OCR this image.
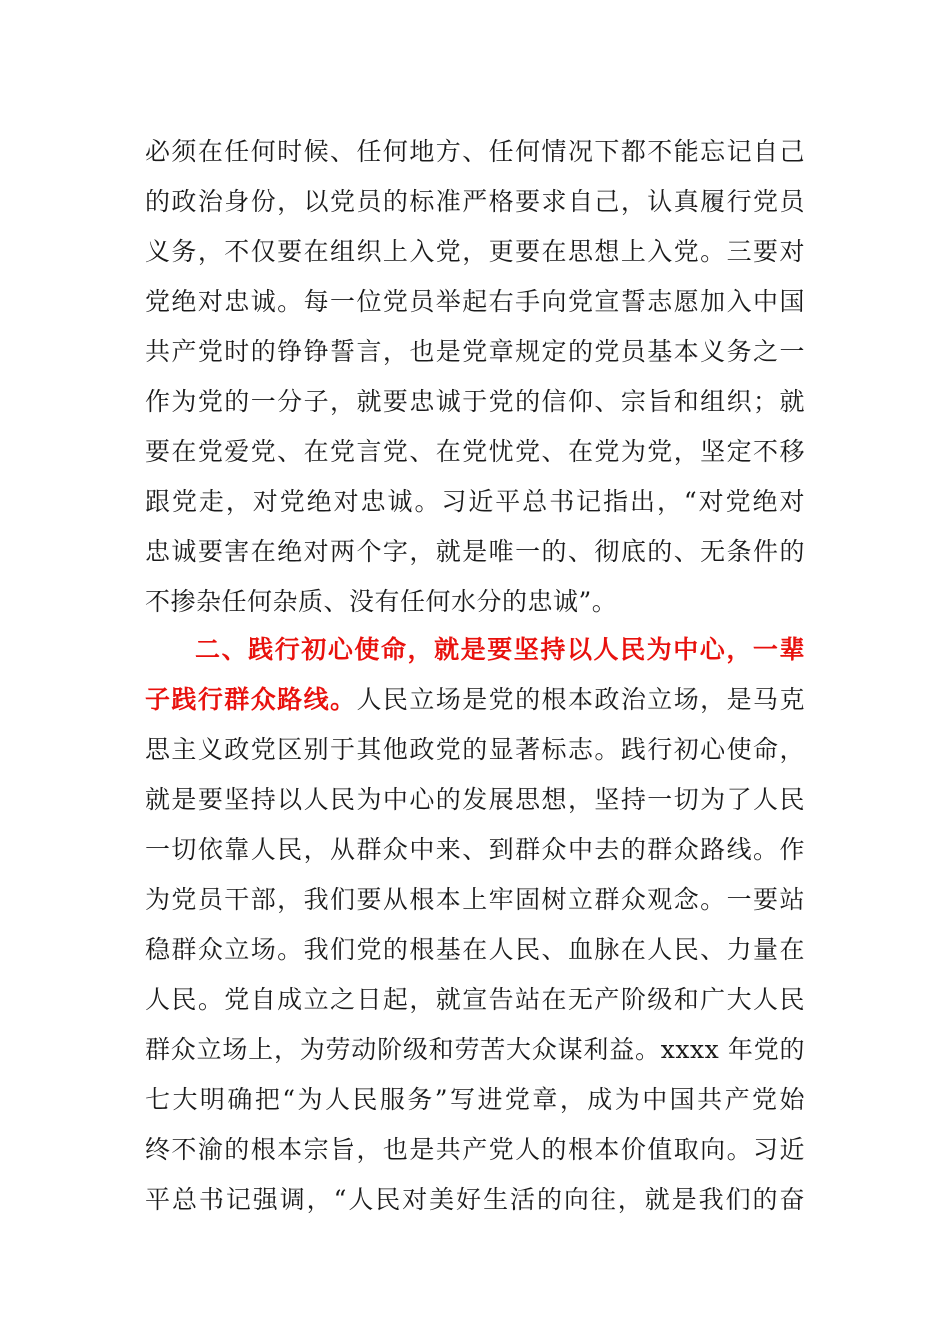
必须在任何时候、任何地方、任何情况下都不能忘记自己
的政治身份，以党员的标准严格要求自己，认真履行党员
义务，不仅要在组织上入党，更要在思想上入党。三要对
党绝对忠诚。每一位党员举起右手向党宣誓志愿加入中国
共产党时的铮铮誓言，也是党章规定的党员基本义务之一
作为党的一分子，就要忠诚于党的信仰、宗旨和组织；就
要在党爱党、在党言党、在党忧党、在党为党，坚定不移
跟党走，对党绝对忠诚。习近平总书记指出，“对党绝对
忠诚要害在绝对两个字，就是唯一的、彻底的、无条件的
不掺杂任何杂质、没有任何水分的忠诚”。
二、践行初心使命，就是要坚持以人民为中心，一辈
子践行群众路线。人民立场是党的根本政治立场，是马克
思主义政党区别于其他政党的显著标志。践行初心使命，
就是要坚持以人民为中心的发展思想，坚持一切为了人民
一切依靠人民，从群众中来、到群众中去的群众路线。作
为党员干部，我们要从根本上牢固树立群众观念。一要站
稳群众立场。我们党的根基在人民、血脉在人民、力量在
人民。党自成立之日起，就宣告站在无产阶级和广大人民
群众立场上，为劳动阶级和劳苦大众谋利益。xxxx 年党的
七大明确把“为人民服务”写进党章，成为中国共产党始
终不渝的根本宗旨，也是共产党人的根本价值取向。习近
平总书记强调，“人民对美好生活的向往，就是我们的奋
